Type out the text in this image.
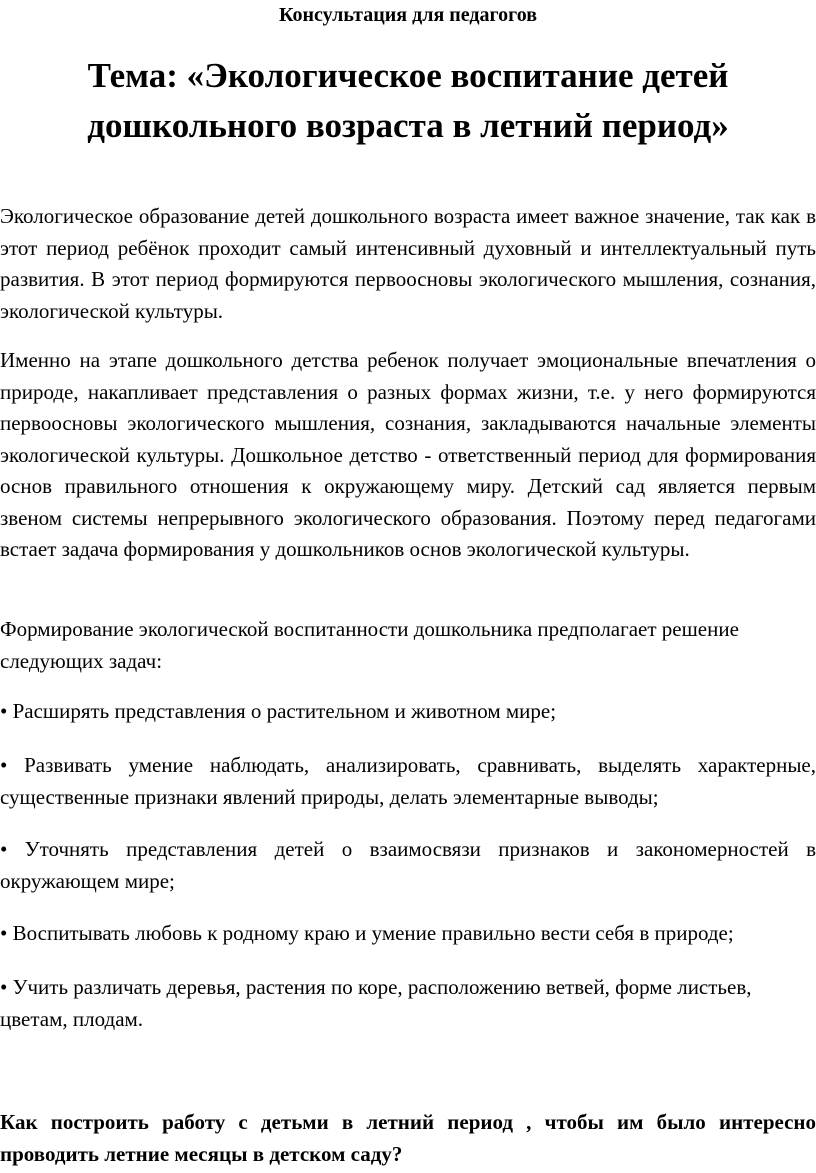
Консультация для педагогов
Тема: «Экологическое воспитание детей дошкольного возраста в летний период»
Экологическое образование детей дошкольного возраста имеет важное значение, так как в этот период ребёнок проходит самый интенсивный духовный и интеллектуальный путь развития. В этот период формируются первоосновы экологического мышления, сознания, экологической культуры.
Именно на этапе дошкольного детства ребенок получает эмоциональные впечатления о природе, накапливает представления о разных формах жизни, т.е. у него формируются первоосновы экологического мышления, сознания, закладываются начальные элементы экологической культуры. Дошкольное детство - ответственный период для формирования основ правильного отношения к окружающему миру. Детский сад является первым звеном системы непрерывного экологического образования. Поэтому перед педагогами встает задача формирования у дошкольников основ экологической культуры.
Формирование экологической воспитанности дошкольника предполагает решение следующих задач:
• Расширять представления о растительном и животном мире;
• Развивать умение наблюдать, анализировать, сравнивать, выделять характерные, существенные признаки явлений природы, делать элементарные выводы;
• Уточнять представления детей о взаимосвязи признаков и закономерностей в окружающем мире;
• Воспитывать любовь к родному краю и умение правильно вести себя в природе;
• Учить различать деревья, растения по коре, расположению ветвей, форме листьев, цветам, плодам.
Как построить работу с детьми в летний период , чтобы им было интересно проводить летние месяцы в детском саду?
